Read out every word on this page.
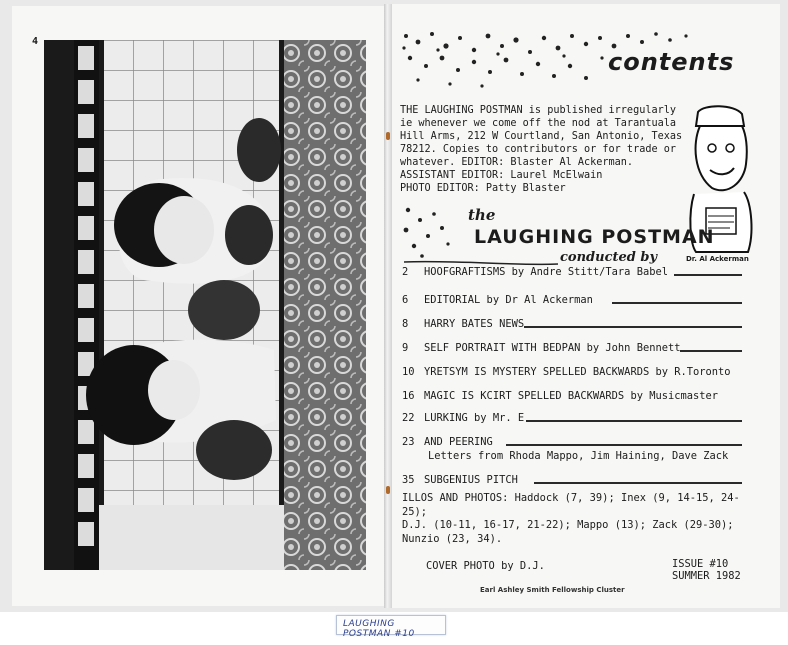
4
contents
THE LAUGHING POSTMAN is published irregularly
ie whenever we come off the nod at Tarantuala
Hill Arms, 212 W Courtland, San Antonio, Texas
78212. Copies to contributors or for trade or
whatever. EDITOR: Blaster Al Ackerman.
ASSISTANT EDITOR: Laurel McElwain
PHOTO EDITOR: Patty Blaster
the
LAUGHING POSTMAN
conducted by	Dr. Al Ackerman
2 HOOFGRAFTISMS by Andre Stitt/Tara Babel
6 EDITORIAL by Dr Al Ackerman
8 HARRY BATES NEWS
9 SELF PORTRAIT WITH BEDPAN by John Bennett
10 YRETSYM IS MYSTERY SPELLED BACKWARDS by R.Toronto
16 MAGIC IS KCIRT SPELLED BACKWARDS by Musicmaster
22 LURKING by Mr. E
23 AND PEERING
Letters from Rhoda Mappo, Jim Haining, Dave Zack
35 SUBGENIUS PITCH
ILLOS AND PHOTOS: Haddock (7, 39); Inex (9, 14-15, 24-25);
D.J. (10-11, 16-17, 21-22); Mappo (13); Zack (29-30);
Nunzio (23, 34).
COVER PHOTO by D.J.	ISSUE #10
SUMMER 1982
Earl Ashley Smith Fellowship Cluster
LAUGHING POSTMAN #10
